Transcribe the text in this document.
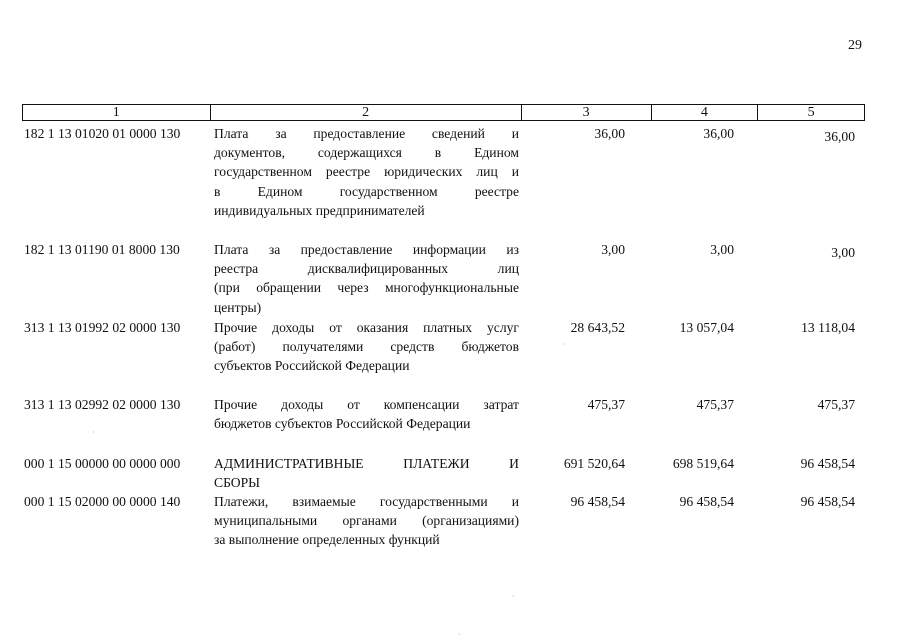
29
1	2	3	4	5
182 1 13 01020 01 0000 130	Плата за предоставление сведений и
документов, содержащихся в Едином
государственном реестре юридических лиц и
в Едином государственном реестре
индивидуальных предпринимателей
36,00	36,00	36,00
182 1 13 01190 01 8000 130	Плата за предоставление информации из
реестра дисквалифицированных лиц
(при обращении через многофункциональные
центры)
3,00	3,00	3,00
313 1 13 01992 02 0000 130	Прочие доходы от оказания платных услуг
(работ) получателями средств бюджетов
субъектов Российской Федерации
28 643,52	13 057,04	13 118,04
313 1 13 02992 02 0000 130	Прочие доходы от компенсации затрат
бюджетов субъектов Российской Федерации
475,37	475,37	475,37
000 1 15 00000 00 0000 000	АДМИНИСТРАТИВНЫЕ ПЛАТЕЖИ И
СБОРЫ
691 520,64	698 519,64	96 458,54
000 1 15 02000 00 0000 140	Платежи, взимаемые государственными и
муниципальными органами (организациями)
за выполнение определенных функций
96 458,54	96 458,54	96 458,54
·
·
·
·
